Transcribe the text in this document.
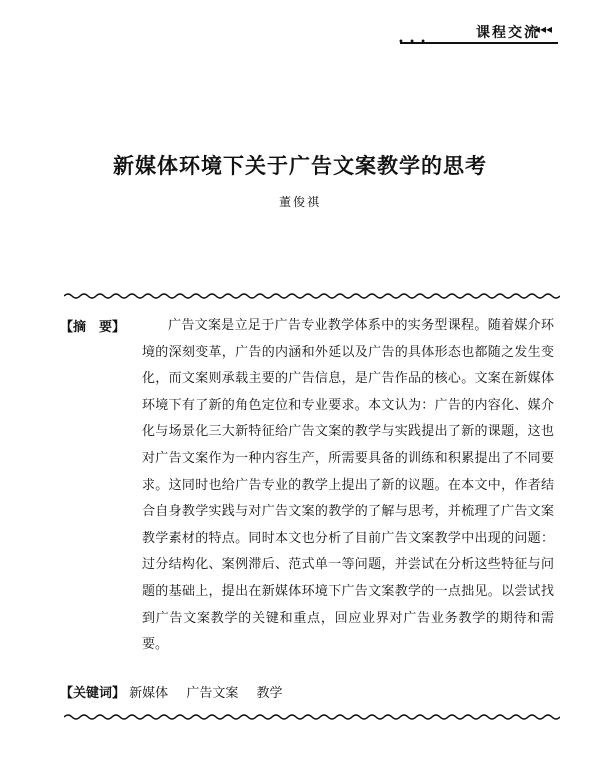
课程交流
◂◂◂
• • •
新媒体环境下关于广告文案教学的思考
董俊祺
【摘　要】	广告文案是立足于广告专业教学体系中的实务型课程。随着媒介环境的深刻变革，广告的内涵和外延以及广告的具体形态也都随之发生变化，而文案则承载主要的广告信息，是广告作品的核心。文案在新媒体环境下有了新的角色定位和专业要求。本文认为：广告的内容化、媒介化与场景化三大新特征给广告文案的教学与实践提出了新的课题，这也对广告文案作为一种内容生产，所需要具备的训练和积累提出了不同要求。这同时也给广告专业的教学上提出了新的议题。在本文中，作者结合自身教学实践与对广告文案的教学的了解与思考，并梳理了广告文案教学素材的特点。同时本文也分析了目前广告文案教学中出现的问题：过分结构化、案例滞后、范式单一等问题，并尝试在分析这些特征与问题的基础上，提出在新媒体环境下广告文案教学的一点拙见。以尝试找到广告文案教学的关键和重点，回应业界对广告业务教学的期待和需要。

【关键词】 新媒体 广告文案 教学
